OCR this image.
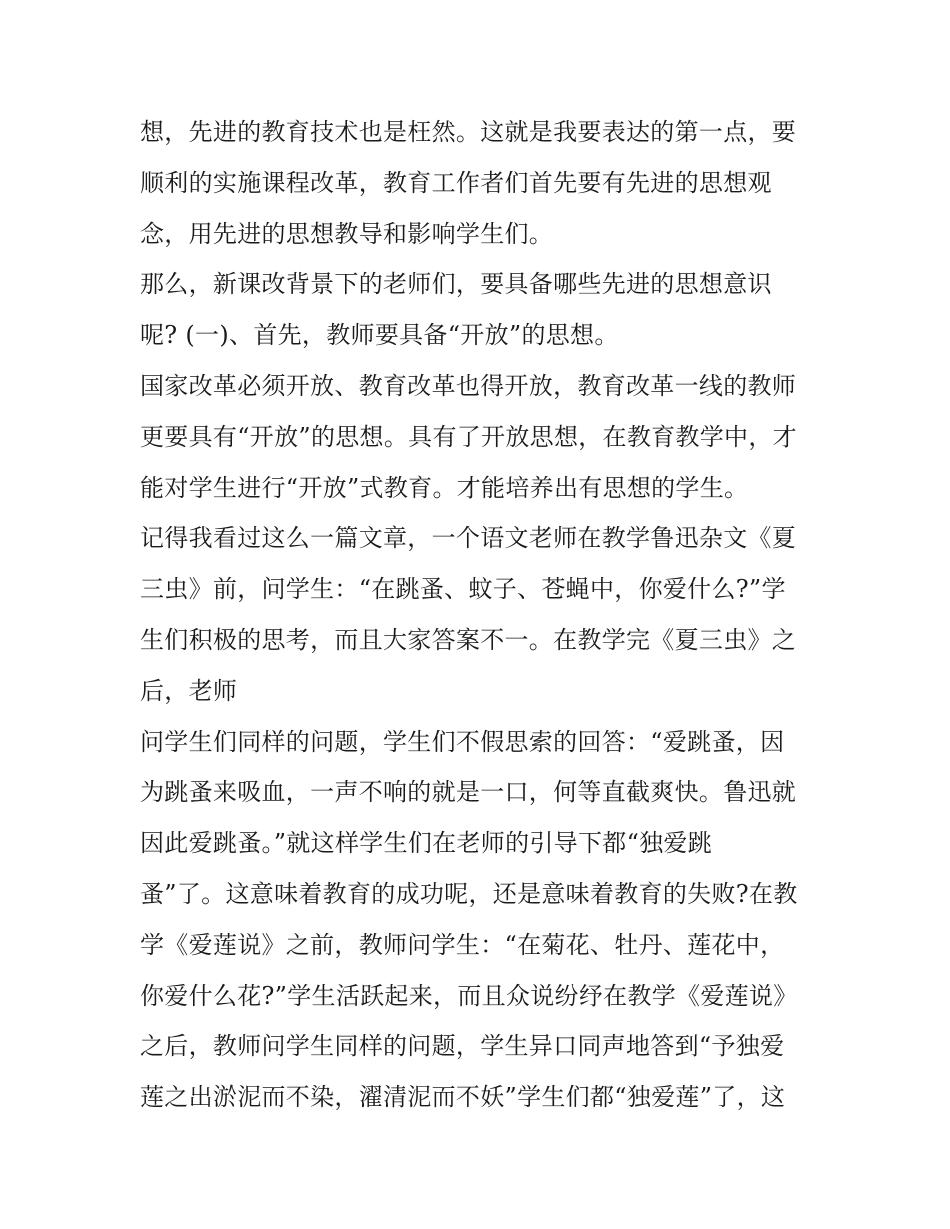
想，先进的教育技术也是枉然。这就是我要表达的第一点，要
顺利的实施课程改革，教育工作者们首先要有先进的思想观
念，用先进的思想教导和影响学生们。
那么，新课改背景下的老师们，要具备哪些先进的思想意识
呢? (一)、首先，教师要具备“开放”的思想。
国家改革必须开放、教育改革也得开放，教育改革一线的教师
更要具有“开放”的思想。具有了开放思想，在教育教学中，才
能对学生进行“开放”式教育。才能培养出有思想的学生。
记得我看过这么一篇文章，一个语文老师在教学鲁迅杂文《夏
三虫》前，问学生：“在跳蚤、蚊子、苍蝇中，你爱什么?”学
生们积极的思考，而且大家答案不一。在教学完《夏三虫》之
后，老师
问学生们同样的问题，学生们不假思索的回答：“爱跳蚤，因
为跳蚤来吸血，一声不响的就是一口，何等直截爽快。鲁迅就
因此爱跳蚤。”就这样学生们在老师的引导下都“独爱跳
蚤”了。这意味着教育的成功呢，还是意味着教育的失败?在教
学《爱莲说》之前，教师问学生：“在菊花、牡丹、莲花中，
你爱什么花?”学生活跃起来，而且众说纷纾在教学《爱莲说》
之后，教师问学生同样的问题，学生异口同声地答到“予独爱
莲之出淤泥而不染，濯清泥而不妖”学生们都“独爱莲”了，这
